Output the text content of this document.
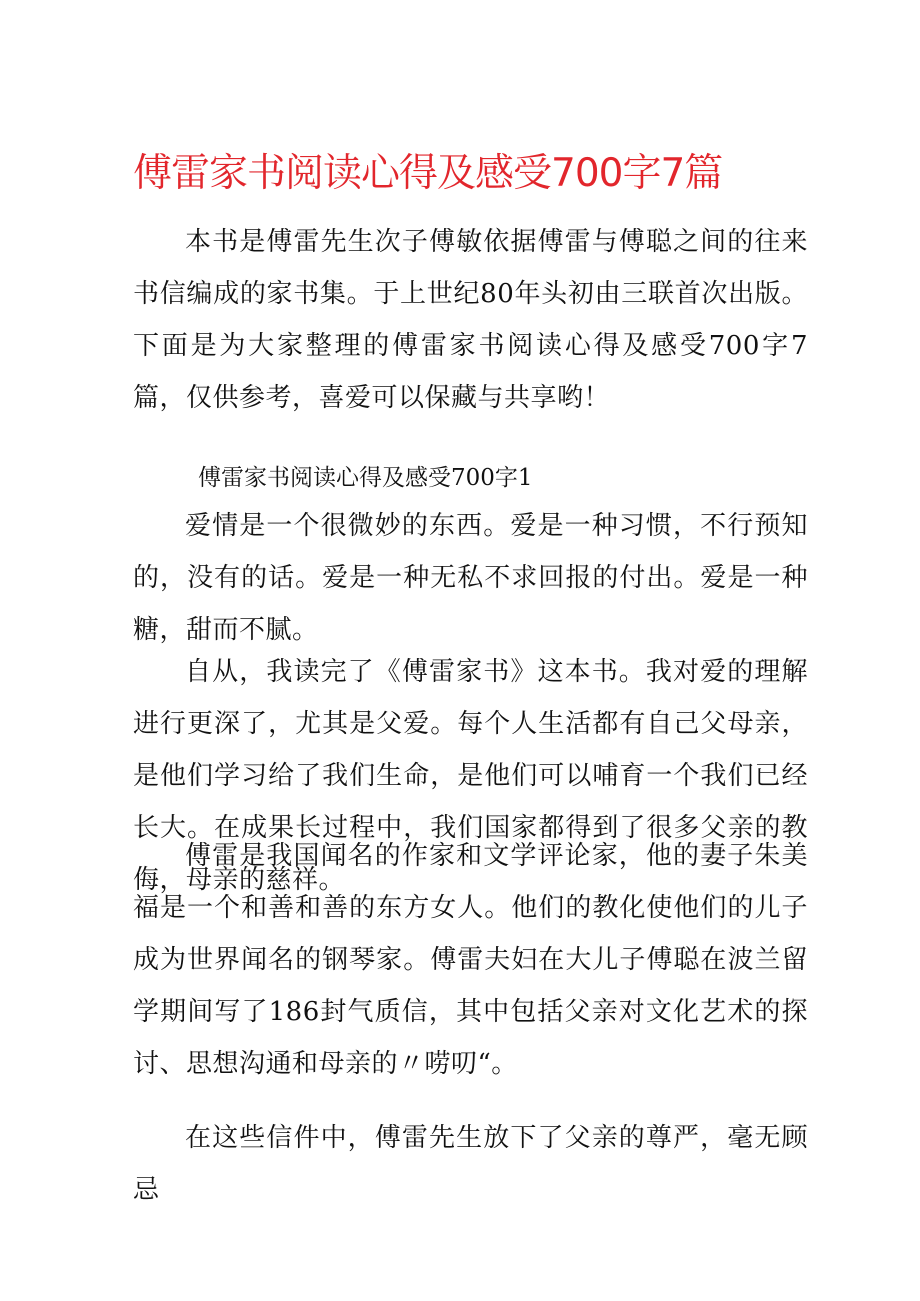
傅雷家书阅读心得及感受700字7篇

本书是傅雷先生次子傅敏依据傅雷与傅聪之间的往来书信编成的家书集。于上世纪80年头初由三联首次出版。下面是为大家整理的傅雷家书阅读心得及感受700字7篇，仅供参考，喜爱可以保藏与共享哟！

傅雷家书阅读心得及感受700字1

爱情是一个很微妙的东西。爱是一种习惯，不行预知的，没有的话。爱是一种无私不求回报的付出。爱是一种糖，甜而不腻。

自从，我读完了《傅雷家书》这本书。我对爱的理解进行更深了，尤其是父爱。每个人生活都有自己父母亲，是他们学习给了我们生命，是他们可以哺育一个我们已经长大。在成果长过程中，我们国家都得到了很多父亲的教侮，母亲的慈祥。

傅雷是我国闻名的作家和文学评论家，他的妻子朱美福是一个和善和善的东方女人。他们的教化使他们的儿子成为世界闻名的钢琴家。傅雷夫妇在大儿子傅聪在波兰留学期间写了186封气质信，其中包括父亲对文化艺术的探讨、思想沟通和母亲的〃唠叨“。

在这些信件中，傅雷先生放下了父亲的尊严，毫无顾忌
